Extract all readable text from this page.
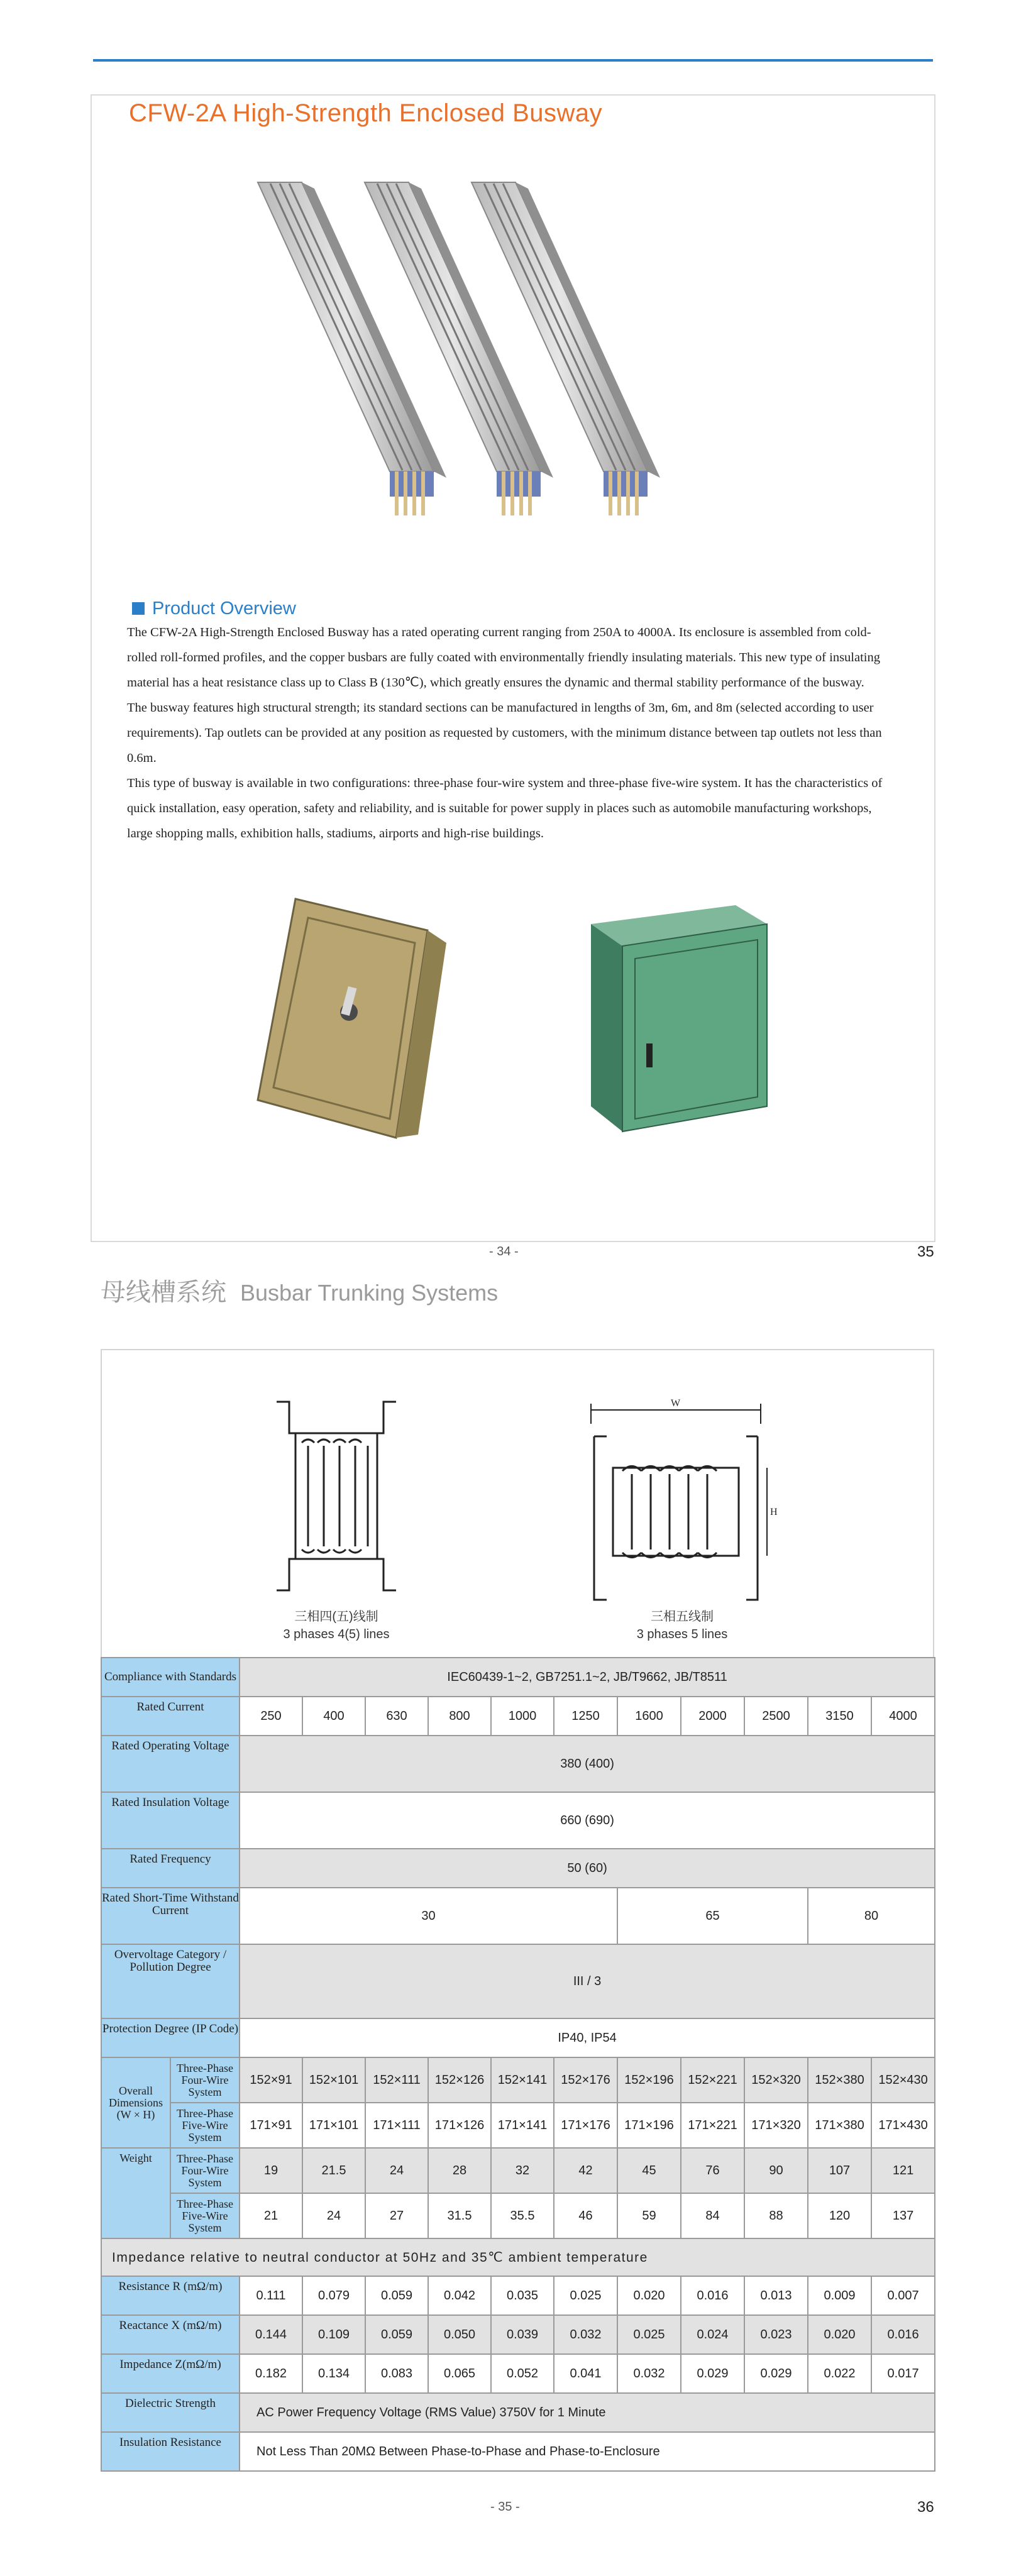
CFW-2A High-Strength Enclosed Busway
Product Overview

The CFW-2A High-Strength Enclosed Busway has a rated operating current ranging from 250A to 4000A. Its enclosure is assembled from cold-rolled roll-formed profiles, and the copper busbars are fully coated with environmentally friendly insulating materials. This new type of insulating material has a heat resistance class up to Class B (130℃), which greatly ensures the dynamic and thermal stability performance of the busway.

The busway features high structural strength; its standard sections can be manufactured in lengths of 3m, 6m, and 8m (selected according to user requirements). Tap outlets can be provided at any position as requested by customers, with the minimum distance between tap outlets not less than 0.6m.

This type of busway is available in two configurations: three-phase four-wire system and three-phase five-wire system. It has the characteristics of quick installation, easy operation, safety and reliability, and is suitable for power supply in places such as automobile manufacturing workshops, large shopping malls, exhibition halls, stadiums, airports and high-rise buildings.

- 34 -	35
母线槽系统 Busbar Trunking Systems
三相四(五)线制
3 phases 4(5) lines
W
H
三相五线制
3 phases 5 lines
Compliance with Standards		IEC60439-1~2, GB7251.1~2, JB/T9662, JB/T8511										
Rated Current		250	400	630	800	1000	1250	1600	2000	2500	3150	4000
Rated Operating Voltage		380 (400)										
Rated Insulation Voltage		660 (690)										
Rated Frequency		50 (60)										
Rated Short-Time Withstand Current		30						65			80	
Overvoltage Category / Pollution Degree		III / 3										
Protection Degree (IP Code)		IP40, IP54										
Overall Dimensions (W × H)	Three-Phase Four-Wire System	152×91	152×101	152×111	152×126	152×141	152×176	152×196	152×221	152×320	152×380	152×430
	Three-Phase Five-Wire System	171×91	171×101	171×111	171×126	171×141	171×176	171×196	171×221	171×320	171×380	171×430
Weight	Three-Phase Four-Wire System	19	21.5	24	28	32	42	45	76	90	107	121
	Three-Phase Five-Wire System	21	24	27	31.5	35.5	46	59	84	88	120	137
Impedance relative to neutral conductor at 50Hz and 35℃ ambient temperature												
Resistance R (mΩ/m)		0.111	0.079	0.059	0.042	0.035	0.025	0.020	0.016	0.013	0.009	0.007
Reactance X (mΩ/m)		0.144	0.109	0.059	0.050	0.039	0.032	0.025	0.024	0.023	0.020	0.016
Impedance Z(mΩ/m)		0.182	0.134	0.083	0.065	0.052	0.041	0.032	0.029	0.029	0.022	0.017
Dielectric Strength		AC Power Frequency Voltage (RMS Value) 3750V for 1 Minute										
Insulation Resistance		Not Less Than 20MΩ Between Phase-to-Phase and Phase-to-Enclosure										
- 35 -	36
